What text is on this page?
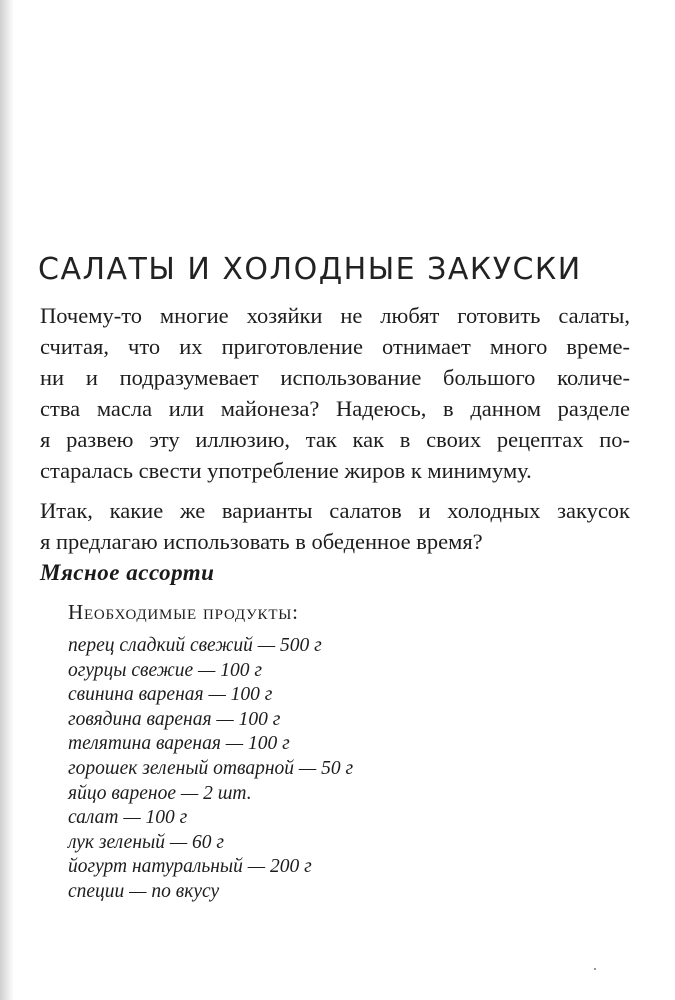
САЛАТЫ И ХОЛОДНЫЕ ЗАКУСКИ

Почему-то многие хозяйки не любят готовить салаты,

считая, что их приготовление отнимает много време-

ни и подразумевает использование большого количе-

ства масла или майонеза? Надеюсь, в данном разделе

я развею эту иллюзию, так как в своих рецептах по-

старалась свести употребление жиров к минимуму.

Итак, какие же варианты салатов и холодных закусок

я предлагаю использовать в обеденное время?

Мясное ассорти
Необходимые продукты:
перец сладкий свежий — 500 г
огурцы свежие — 100 г
свинина вареная — 100 г
говядина вареная — 100 г
телятина вареная — 100 г
горошек зеленый отварной — 50 г
яйцо вареное — 2 шт.
салат — 100 г
лук зеленый — 60 г
йогурт натуральный — 200 г
специи — по вкусу
